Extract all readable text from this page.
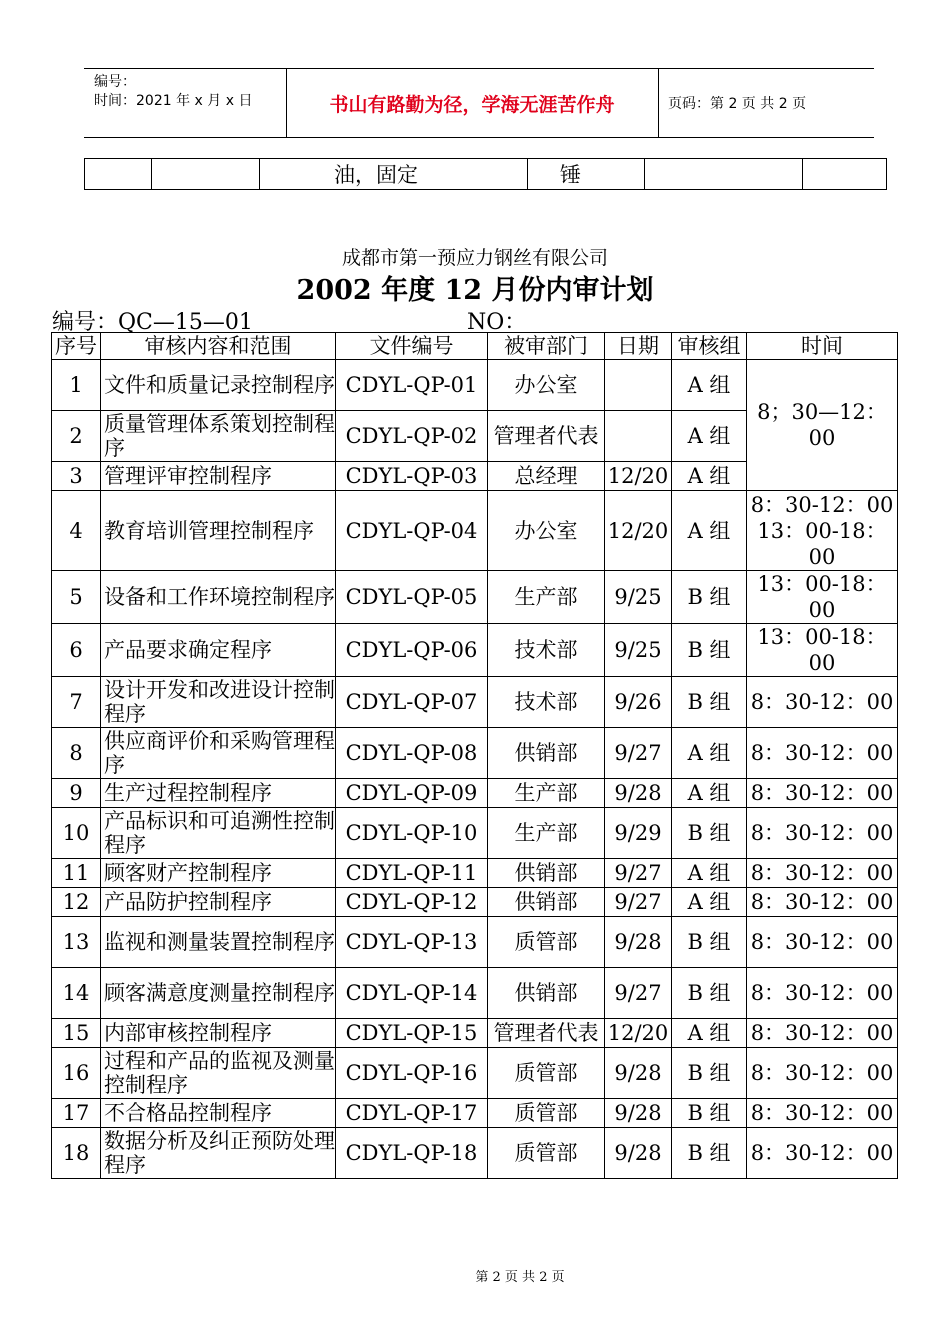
编号：
时间：2021 年 x 月 x 日	书山有路勤为径，学海无涯苦作舟	页码：第 2 页 共 2 页
		油，固定	锤		
成都市第一预应力钢丝有限公司
2002 年度 12 月份内审计划
编号：QC—15—01	NO：
序号	审核内容和范围	文件编号	被审部门	日期	审核组	时间
1	文件和质量记录控制程序	CDYL-QP-01	办公室		A 组	8；30—12：00
2	质量管理体系策划控制程序	CDYL-QP-02	管理者代表		A 组	
3	管理评审控制程序	CDYL-QP-03	总经理	12/20	A 组	
4	教育培训管理控制程序	CDYL-QP-04	办公室	12/20	A 组	8：30-12：00 13：00-18：00
5	设备和工作环境控制程序	CDYL-QP-05	生产部	9/25	B 组	13：00-18：00
6	产品要求确定程序	CDYL-QP-06	技术部	9/25	B 组	13：00-18：00
7	设计开发和改进设计控制程序	CDYL-QP-07	技术部	9/26	B 组	8：30-12：00
8	供应商评价和采购管理程序	CDYL-QP-08	供销部	9/27	A 组	8：30-12：00
9	生产过程控制程序	CDYL-QP-09	生产部	9/28	A 组	8：30-12：00
10	产品标识和可追溯性控制程序	CDYL-QP-10	生产部	9/29	B 组	8：30-12：00
11	顾客财产控制程序	CDYL-QP-11	供销部	9/27	A 组	8：30-12：00
12	产品防护控制程序	CDYL-QP-12	供销部	9/27	A 组	8：30-12：00
13	监视和测量装置控制程序	CDYL-QP-13	质管部	9/28	B 组	8：30-12：00
14	顾客满意度测量控制程序	CDYL-QP-14	供销部	9/27	B 组	8：30-12：00
15	内部审核控制程序	CDYL-QP-15	管理者代表	12/20	A 组	8：30-12：00
16	过程和产品的监视及测量控制程序	CDYL-QP-16	质管部	9/28	B 组	8：30-12：00
17	不合格品控制程序	CDYL-QP-17	质管部	9/28	B 组	8：30-12：00
18	数据分析及纠正预防处理程序	CDYL-QP-18	质管部	9/28	B 组	8：30-12：00
第 2 页 共 2 页
